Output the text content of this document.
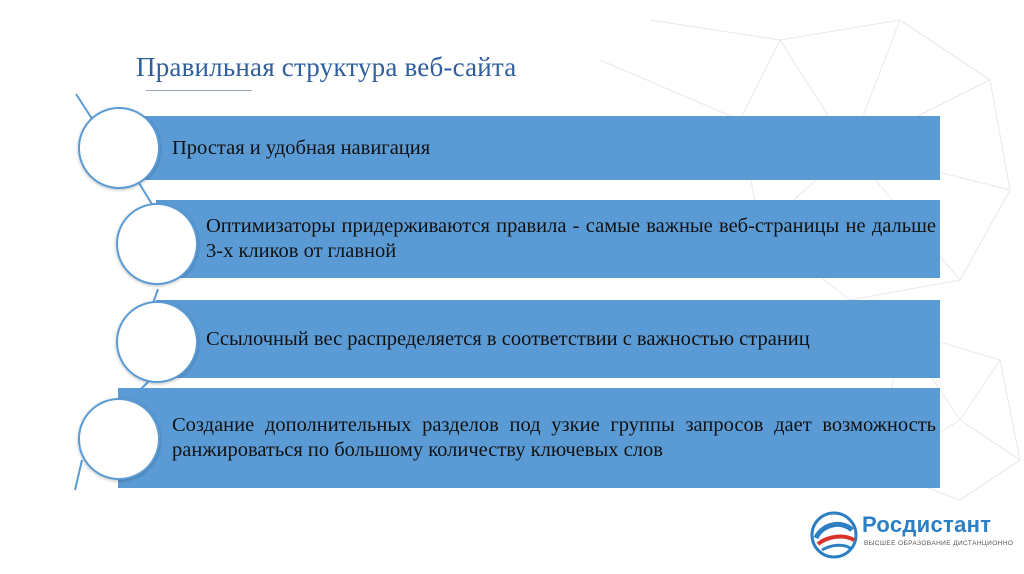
Правильная структура веб-сайта
Простая и удобная навигация
Оптимизаторы придерживаются правила - самые важные веб-страницы не дальше 3-х кликов от главной
Ссылочный вес распределяется в соответствии с важностью страниц
Создание дополнительных разделов под узкие группы запросов дает возможность ранжироваться по большому количеству ключевых слов
Росдистант
ВЫСШЕЕ ОБРАЗОВАНИЕ ДИСТАНЦИОННО
